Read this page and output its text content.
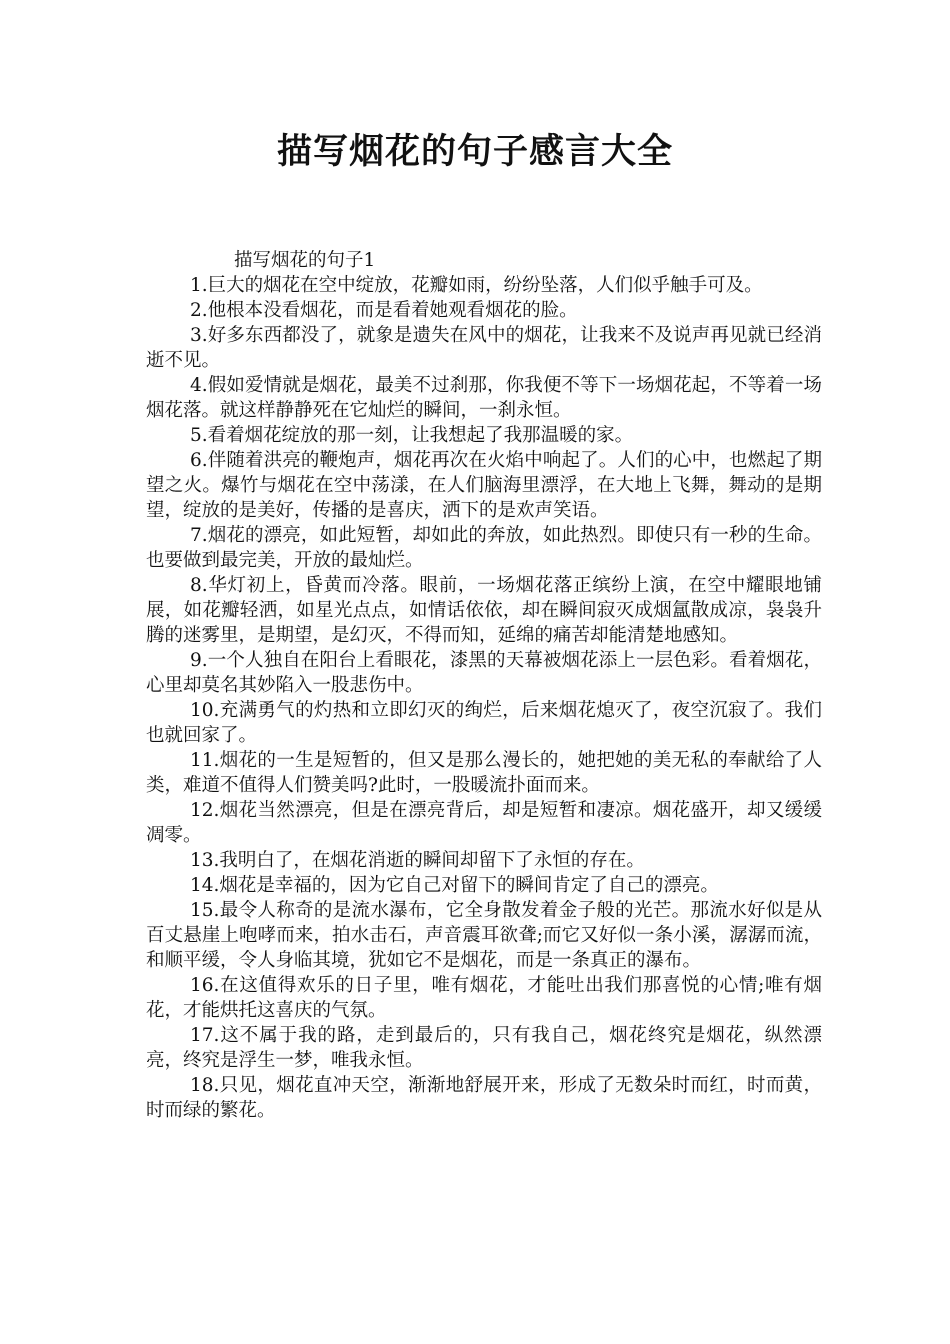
描写烟花的句子感言大全

描写烟花的句子1

1.巨大的烟花在空中绽放，花瓣如雨，纷纷坠落，人们似乎触手可及。

2.他根本没看烟花，而是看着她观看烟花的脸。

3.好多东西都没了，就象是遗失在风中的烟花，让我来不及说声再见就已经消逝不见。

4.假如爱情就是烟花，最美不过刹那，你我便不等下一场烟花起，不等着一场烟花落。就这样静静死在它灿烂的瞬间，一刹永恒。

5.看着烟花绽放的那一刻，让我想起了我那温暖的家。

6.伴随着洪亮的鞭炮声，烟花再次在火焰中响起了。人们的心中，也燃起了期望之火。爆竹与烟花在空中荡漾，在人们脑海里漂浮，在大地上飞舞，舞动的是期望，绽放的是美好，传播的是喜庆，洒下的是欢声笑语。

7.烟花的漂亮，如此短暂，却如此的奔放，如此热烈。即使只有一秒的生命。也要做到最完美，开放的最灿烂。

8.华灯初上，昏黄而冷落。眼前，一场烟花落正缤纷上演，在空中耀眼地铺展，如花瓣轻洒，如星光点点，如情话依依，却在瞬间寂灭成烟氲散成凉，袅袅升腾的迷雾里，是期望，是幻灭，不得而知，延绵的痛苦却能清楚地感知。

9.一个人独自在阳台上看眼花，漆黑的天幕被烟花添上一层色彩。看着烟花，心里却莫名其妙陷入一股悲伤中。

10.充满勇气的灼热和立即幻灭的绚烂，后来烟花熄灭了，夜空沉寂了。我们也就回家了。

11.烟花的一生是短暂的，但又是那么漫长的，她把她的美无私的奉献给了人类，难道不值得人们赞美吗?此时，一股暖流扑面而来。

12.烟花当然漂亮，但是在漂亮背后，却是短暂和凄凉。烟花盛开，却又缓缓凋零。

13.我明白了，在烟花消逝的瞬间却留下了永恒的存在。

14.烟花是幸福的，因为它自己对留下的瞬间肯定了自己的漂亮。

15.最令人称奇的是流水瀑布，它全身散发着金子般的光芒。那流水好似是从百丈悬崖上咆哮而来，拍水击石，声音震耳欲聋;而它又好似一条小溪，潺潺而流，和顺平缓，令人身临其境，犹如它不是烟花，而是一条真正的瀑布。

16.在这值得欢乐的日子里，唯有烟花，才能吐出我们那喜悦的心情;唯有烟花，才能烘托这喜庆的气氛。

17.这不属于我的路，走到最后的，只有我自己，烟花终究是烟花，纵然漂亮，终究是浮生一梦，唯我永恒。

18.只见，烟花直冲天空，渐渐地舒展开来，形成了无数朵时而红，时而黄，时而绿的繁花。
